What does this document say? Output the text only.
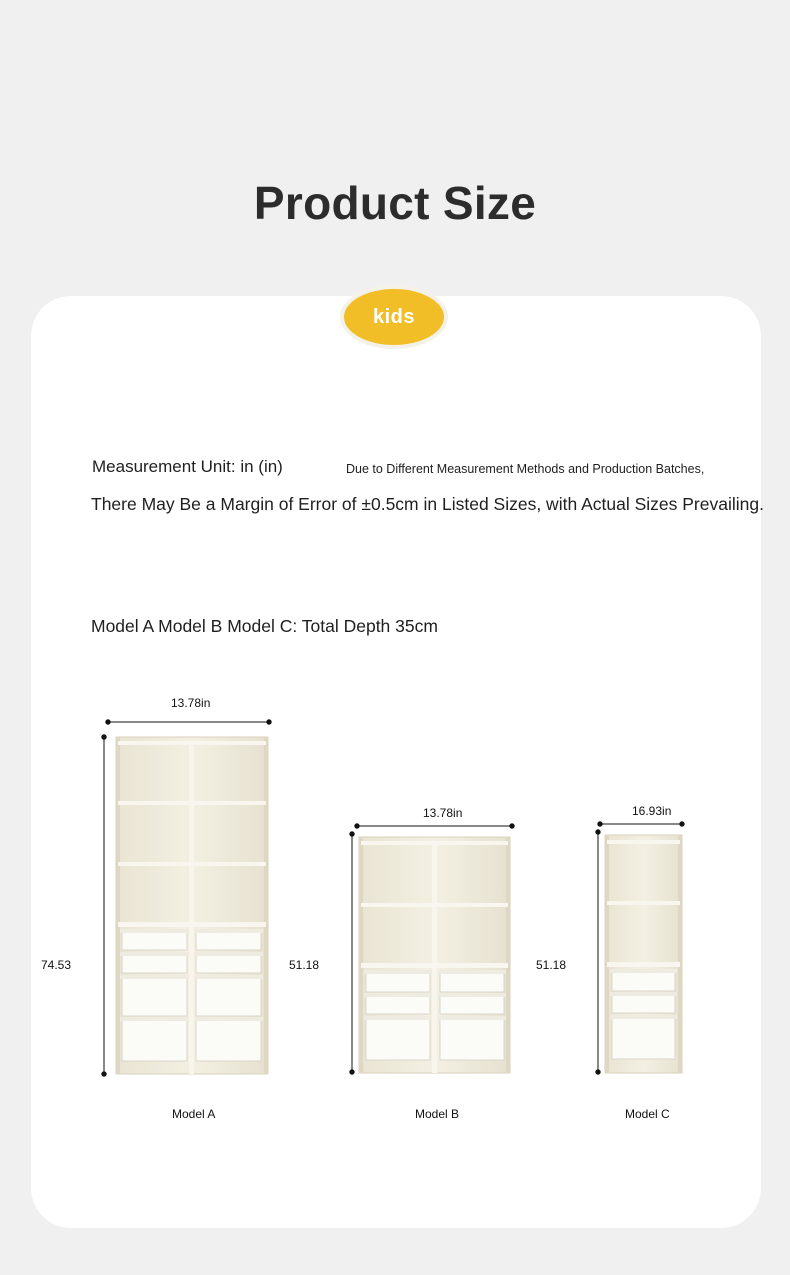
Product Size
kids
Measurement Unit: in (in)	Due to Different Measurement Methods and Production Batches,
There May Be a Margin of Error of ±0.5cm in Listed Sizes, with Actual Sizes Prevailing.
Model A Model B Model C: Total Depth 35cm
13.78in
74.53
13.78in
51.18
16.93in
51.18
Model A	Model B	Model C
